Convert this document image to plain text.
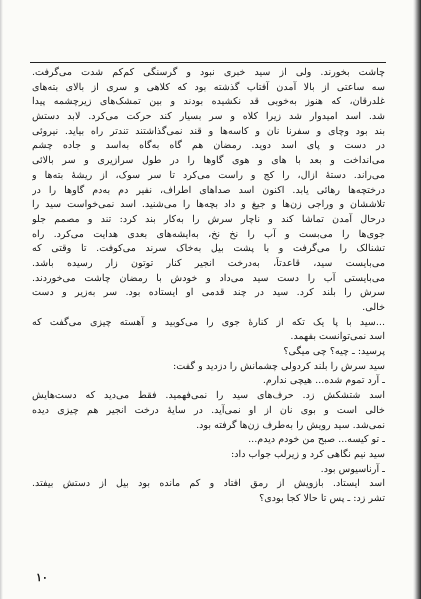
چاشت بخورند. ولی از سید خبری نبود و گرسنگی کم‌کم شدت می‌گرفت.
سه ساعتی از بالا آمدن آفتاب گذشته بود که کلاهی و سری از بالای بته‌های
غلدرقان، که هنوز به‌خوبی قد نکشیده بودند و بین تمشک‌های زیرچشمه پیدا
شد. اسد امیدوار شد زیرا کلاه و سر بسیار کند حرکت می‌کرد. لابد دستش
بند بود وچای و سفرنا نان و کاسه‌ها و قند نمی‌گذاشتند تندتر راه بیاید. نیروئی
در دست و پای اسد دوید. رمضان هم گاه به‌گاه به‌اسد و جاده چشم
می‌انداخت و بعد با های و هوی گاوها را در طول سرازیری و سر بالائی
می‌راند. دسته‌ٔ ازال، را کج و راست می‌کرد تا سر سوک، از ریشهٔ بته‌ها و
درختچه‌ها رهائی یابد. اکنون اسد صداهای اطراف، نفیر دم به‌دم گاوها را در
تلاششان و وراجی زن‌ها و جیغ و داد بچه‌ها را می‌شنید. اسد نمی‌خواست سید را
درحال آمدن تماشا کند و ناچار سرش را به‌کار بند کرد: تند و مصمم جلو
جوی‌ها را می‌بست و آب را نخ نخ، به‌ایشه‌های بعدی هدایت می‌کرد. راه
تشنالک را می‌گرفت و با پشت بیل به‌خاک سرند می‌کوفت. تا وقتی که
می‌بایست سید، قاعدتاً، به‌درخت انجیر کنار توتون زار رسیده باشد.
می‌بایستی آب را دست سید می‌داد و خودش با رمضان چاشت می‌خوردند.
سرش را بلند کرد. سید در چند قدمی او ایستاده بود. سر به‌زیر و دست
خالی.
...سید با پا یک تکه از کنارهٔ جوی را می‌کوبید و آهسته چیزی می‌گفت که
اسد نمی‌توانست بفهمد.
پرسید: ـ چیه؟ چی میگی؟
سید سرش را بلند کردولی چشمانش را دزدید و گفت:
ـ آرد تموم شده... هیچی ندارم.
اسد شتشکش زد. حرف‌های سید را نمی‌فهمید. فقط می‌دید که دست‌هایش
خالی است و بوی نان از او نمی‌آید. در سایهٔ درخت انجیر هم چیزی دیده
نمی‌شد. سید رویش را به‌طرف زن‌ها گرفته بود.
ـ تو کیسه... صبح من خودم دیدم...
سید نیم نگاهی کرد و زیرلب جواب داد:
ـ آرناسیوس بود.
اسد ایستاد. بازویش از رمق افتاد و کم مانده بود بیل از دستش بیفتد.
تشر زد: ـ پس تا حالا کجا بودی؟
۱۰
